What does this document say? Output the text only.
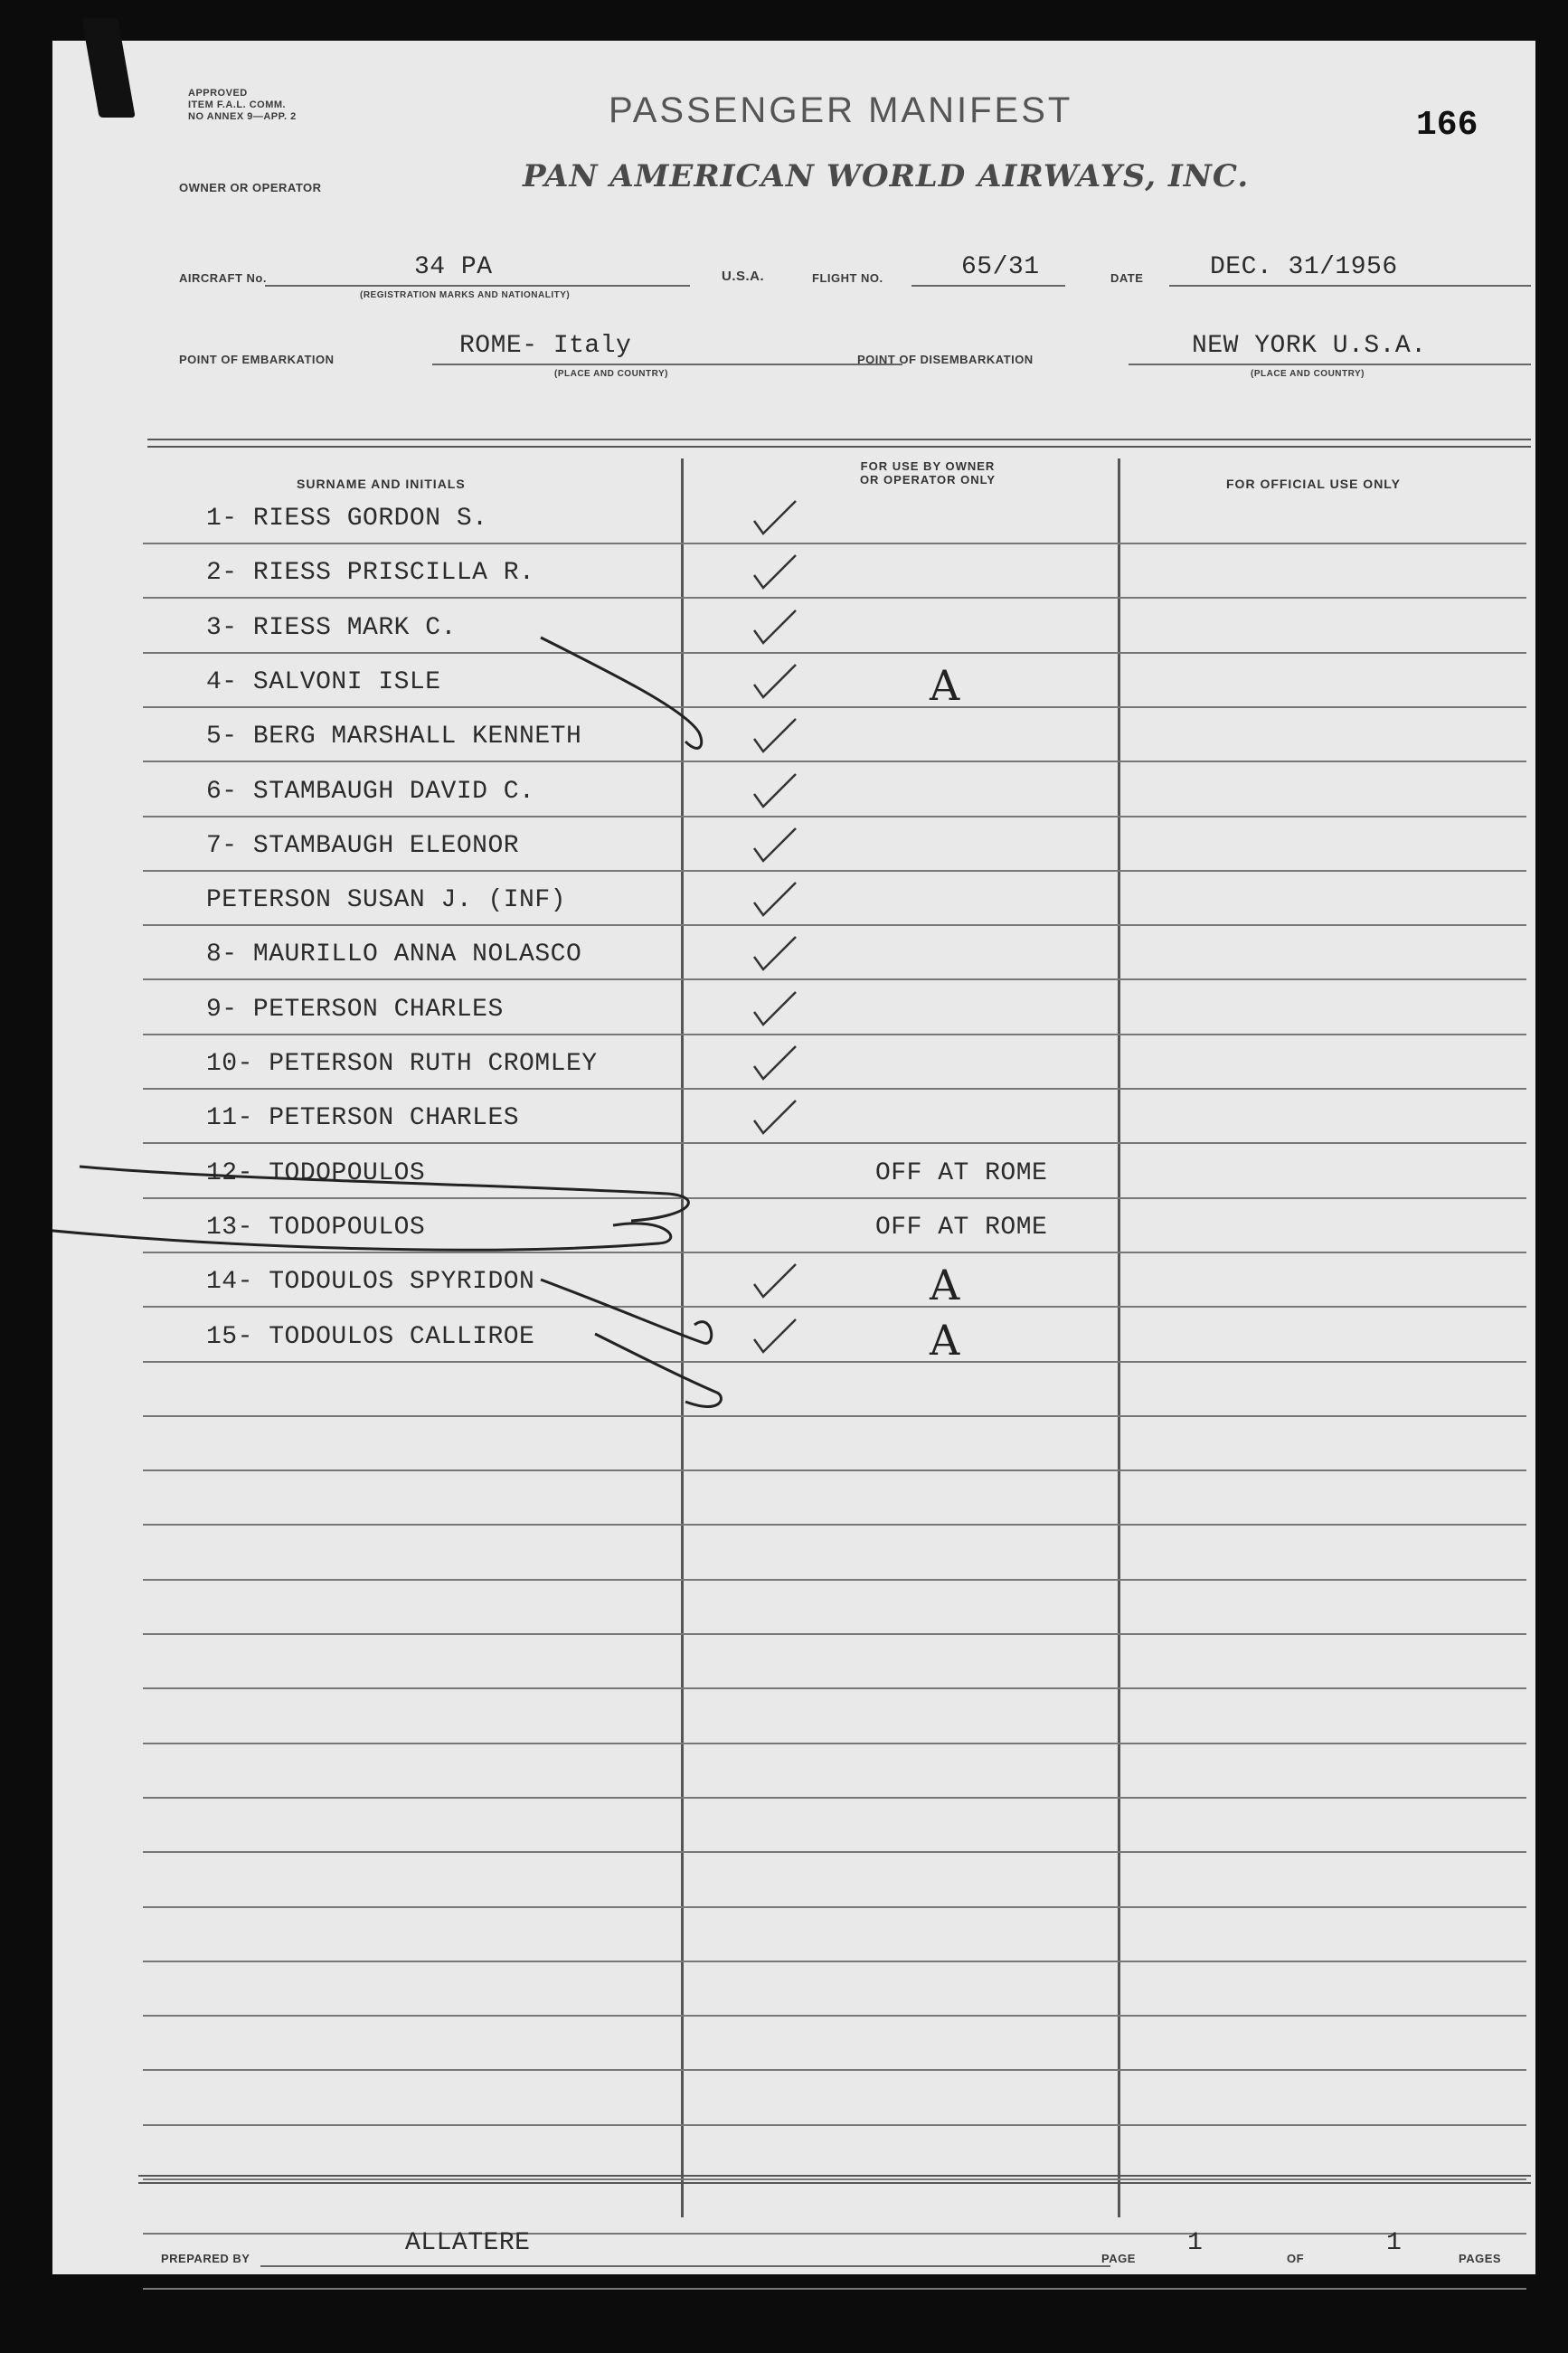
APPROVED
ITEM F.A.L. COMM.
NO ANNEX 9—APP. 2	PASSENGER MANIFEST	166
OWNER OR OPERATOR	PAN AMERICAN WORLD AIRWAYS, INC.
AIRCRAFT No.	34 PA
(REGISTRATION MARKS AND NATIONALITY)
U.S.A.	FLIGHT NO.	65/31	DATE	DEC. 31/1956
POINT OF EMBARKATION	ROME- Italy
(PLACE AND COUNTRY)
POINT OF DISEMBARKATION	NEW YORK U.S.A.
(PLACE AND COUNTRY)
SURNAME AND INITIALS
FOR USE BY OWNER
OR OPERATOR ONLY	FOR OFFICIAL USE ONLY
1- RIESS GORDON S.
2- RIESS PRISCILLA R.
3- RIESS MARK C.
4- SALVONI ISLE	A
5- BERG MARSHALL KENNETH
6- STAMBAUGH DAVID C.
7- STAMBAUGH ELEONOR
PETERSON SUSAN J. (INF)
8- MAURILLO ANNA NOLASCO
9- PETERSON CHARLES
10- PETERSON RUTH CROMLEY
11- PETERSON CHARLES
12- TODOPOULOS	OFF AT ROME
13- TODOPOULOS	OFF AT ROME
14- TODOULOS SPYRIDON	A
15- TODOULOS CALLIROE	A
PREPARED BY
ALLATERE
PAGE
1
OF
1
PAGES
